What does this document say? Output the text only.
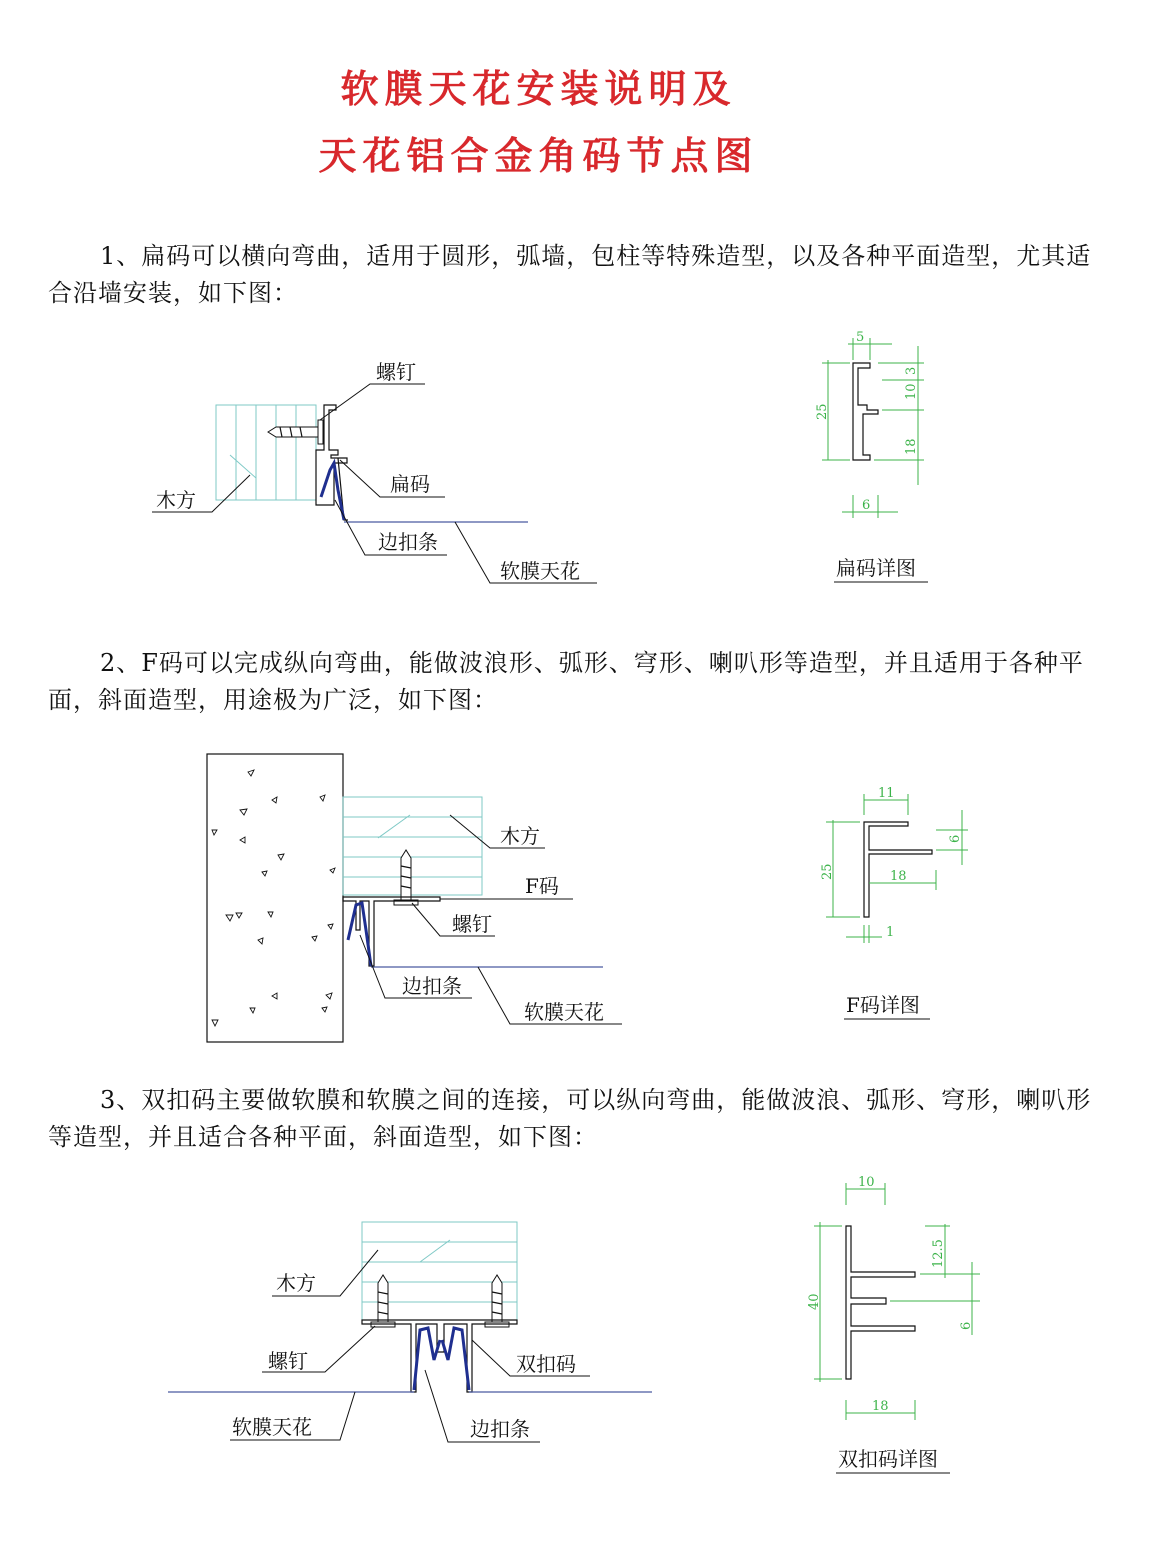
软膜天花安装说明及
天花铝合金角码节点图
1、扁码可以横向弯曲，适用于圆形，弧墙，包柱等特殊造型，以及各种平面造型，尤其适合沿墙安装，如下图：
2、F码可以完成纵向弯曲，能做波浪形、弧形、穹形、喇叭形等造型，并且适用于各种平面，斜面造型，用途极为广泛，如下图：
3、双扣码主要做软膜和软膜之间的连接，可以纵向弯曲，能做波浪、弧形、穹形，喇叭形等造型，并且适合各种平面，斜面造型，如下图：
螺钉
木方
扁码
边扣条
软膜天花
5
25
3
10
18
6
扁码详图
木方
F码
螺钉
边扣条
软膜天花
11
25
6
18
1
F码详图
木方
螺钉	双扣码
软膜天花	边扣条
10
40
12.5
6
18
双扣码详图
